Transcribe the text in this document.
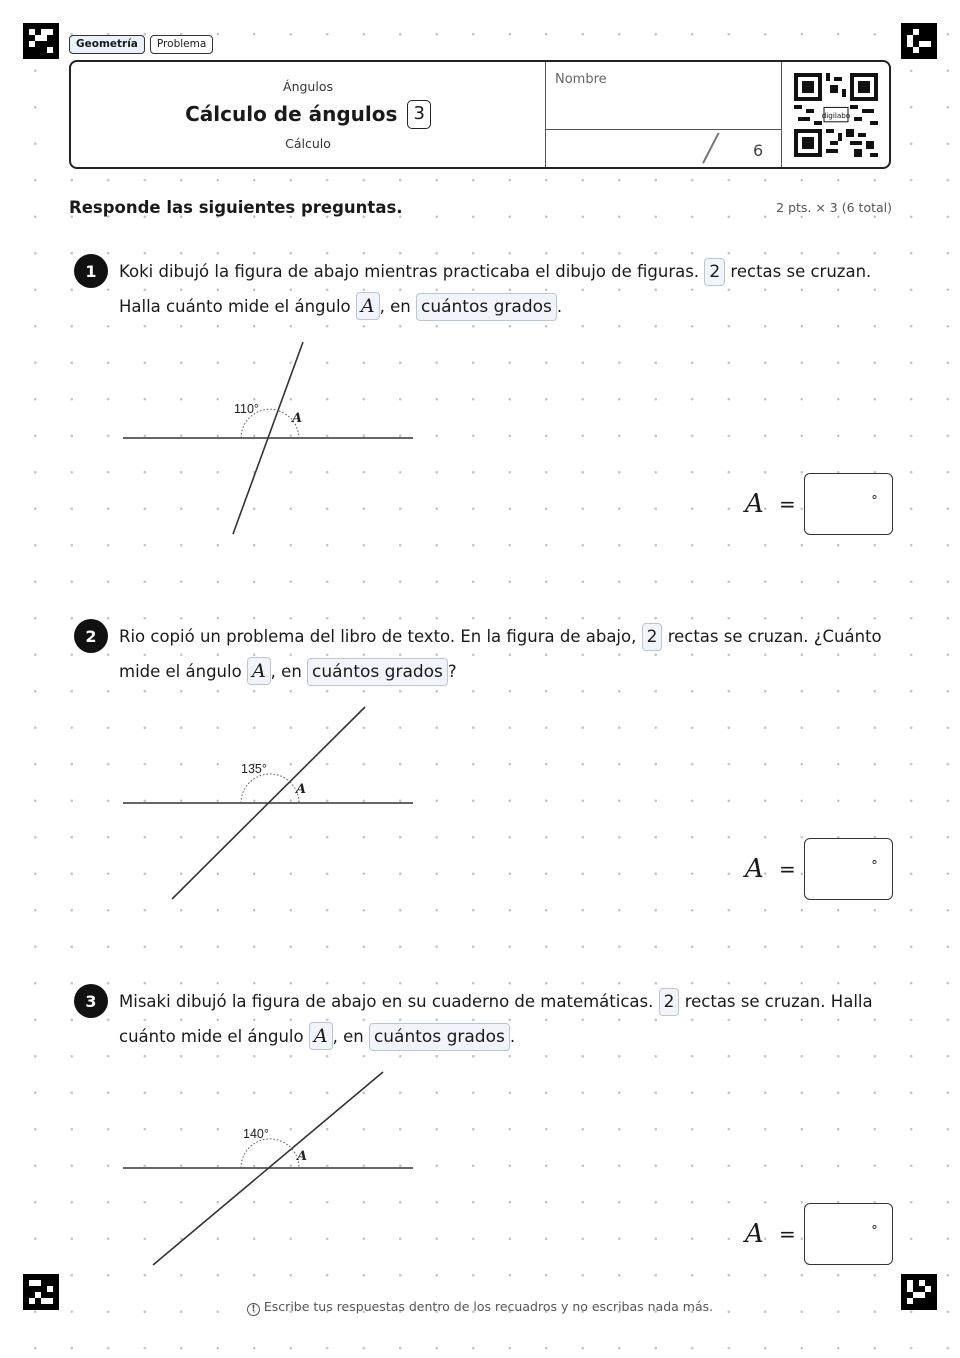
Geometría	Problema
Ángulos
Cálculo de ángulos 3
Cálculo
Nombre
╱ 6
digilabo
Responde las siguientes preguntas.	2 pts. × 3 (6 total)
1	Koki dibujó la figura de abajo mientras practicaba el dibujo de figuras. 2 rectas se cruzan. Halla cuánto mide el ángulo A , en cuántos grados .
110°
A
A =	°
2	Rio copió un problema del libro de texto. En la figura de abajo, 2 rectas se cruzan. ¿Cuánto mide el ángulo A , en cuántos grados ?
135°
A
A =	°
3	Misaki dibujó la figura de abajo en su cuaderno de matemáticas. 2 rectas se cruzan. Halla cuánto mide el ángulo A , en cuántos grados .
140°
A
A =	°
! Escribe tus respuestas dentro de los recuadros y no escribas nada más.
